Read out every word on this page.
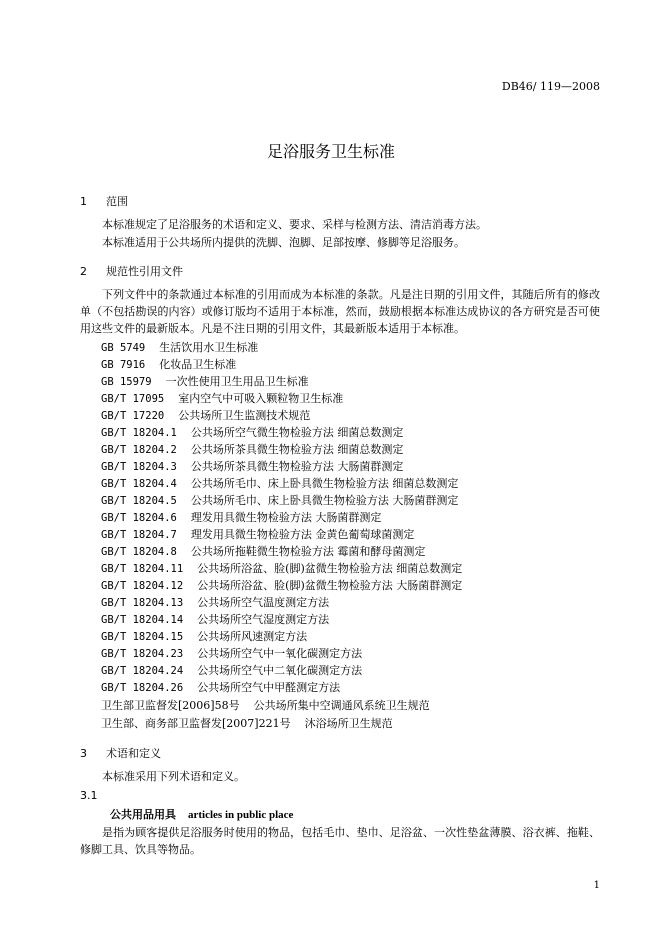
DB46/ 119—2008
足浴服务卫生标准
1 范围
本标准规定了足浴服务的术语和定义、要求、采样与检测方法、清洁消毒方法。
本标准适用于公共场所内提供的洗脚、泡脚、足部按摩、修脚等足浴服务。
2 规范性引用文件
下列文件中的条款通过本标准的引用而成为本标准的条款。凡是注日期的引用文件，其随后所有的修改单（不包括勘误的内容）或修订版均不适用于本标准，然而，鼓励根据本标准达成协议的各方研究是否可使用这些文件的最新版本。凡是不注日期的引用文件，其最新版本适用于本标准。
GB 5749 生活饮用水卫生标准
GB 7916 化妆品卫生标准
GB 15979 一次性使用卫生用品卫生标准
GB/T 17095 室内空气中可吸入颗粒物卫生标准
GB/T 17220 公共场所卫生监测技术规范
GB/T 18204.1 公共场所空气微生物检验方法 细菌总数测定
GB/T 18204.2 公共场所茶具微生物检验方法 细菌总数测定
GB/T 18204.3 公共场所茶具微生物检验方法 大肠菌群测定
GB/T 18204.4 公共场所毛巾、床上卧具微生物检验方法 细菌总数测定
GB/T 18204.5 公共场所毛巾、床上卧具微生物检验方法 大肠菌群测定
GB/T 18204.6 理发用具微生物检验方法 大肠菌群测定
GB/T 18204.7 理发用具微生物检验方法 金黄色葡萄球菌测定
GB/T 18204.8 公共场所拖鞋微生物检验方法 霉菌和酵母菌测定
GB/T 18204.11 公共场所浴盆、脸(脚)盆微生物检验方法 细菌总数测定
GB/T 18204.12 公共场所浴盆、脸(脚)盆微生物检验方法 大肠菌群测定
GB/T 18204.13 公共场所空气温度测定方法
GB/T 18204.14 公共场所空气湿度测定方法
GB/T 18204.15 公共场所风速测定方法
GB/T 18204.23 公共场所空气中一氧化碳测定方法
GB/T 18204.24 公共场所空气中二氧化碳测定方法
GB/T 18204.26 公共场所空气中甲醛测定方法
卫生部卫监督发[2006]58号 公共场所集中空调通风系统卫生规范
卫生部、商务部卫监督发[2007]221号 沐浴场所卫生规范
3 术语和定义
本标准采用下列术语和定义。
3.1
公共用品用具 articles in public place
是指为顾客提供足浴服务时使用的物品，包括毛巾、垫巾、足浴盆、一次性垫盆薄膜、浴衣裤、拖鞋、修脚工具、饮具等物品。
1
